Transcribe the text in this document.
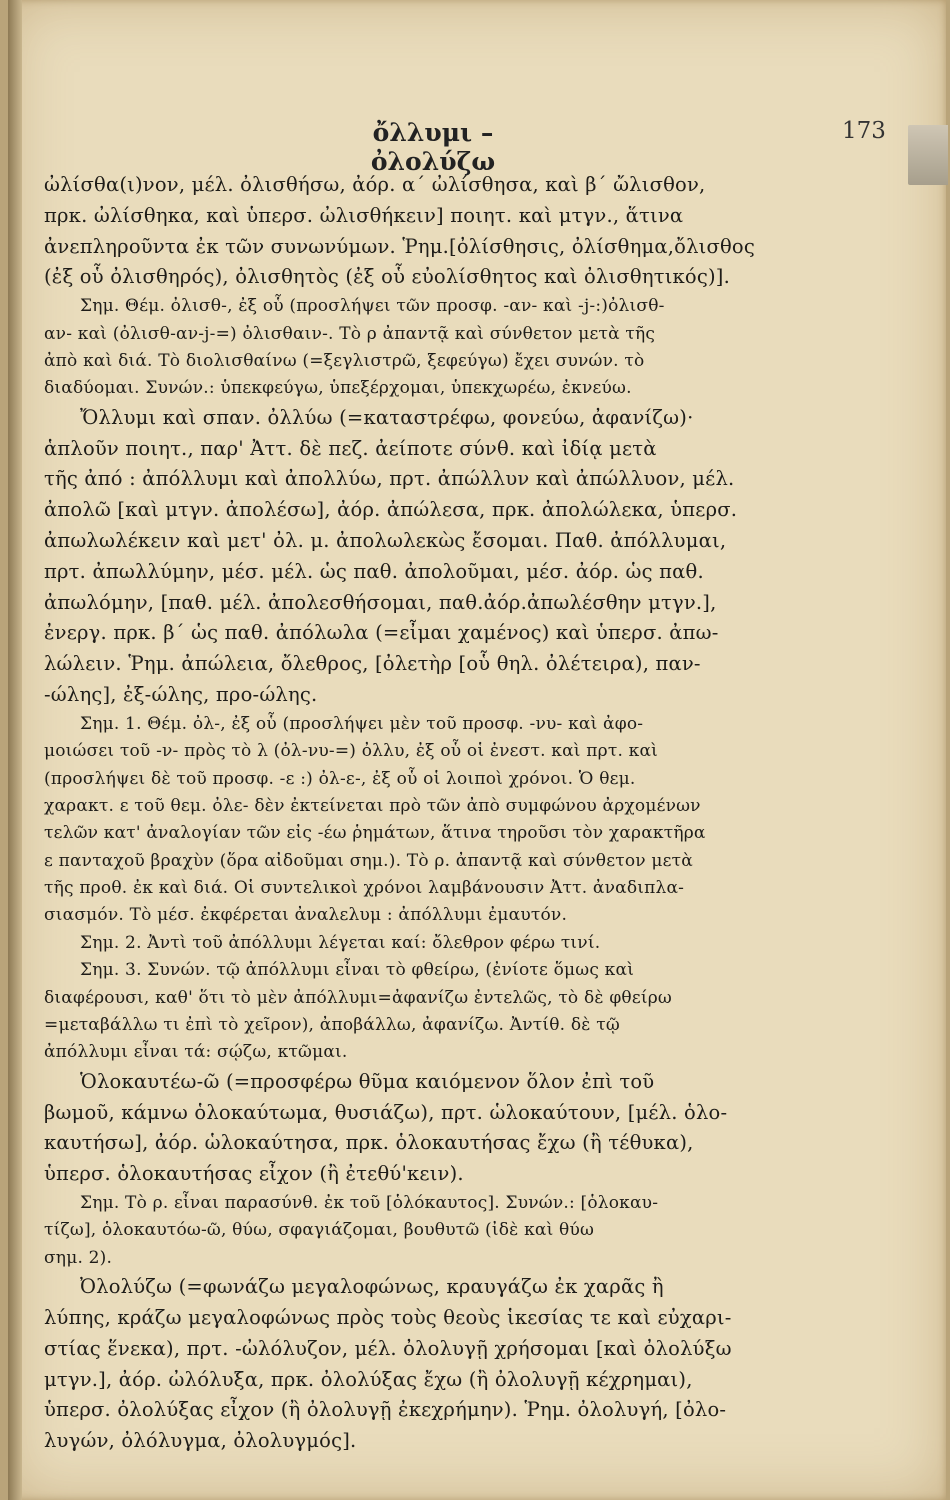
ὄλλυμι – ὀλολύζω
173
ὠλίσθα(ι)νον, μέλ. ὀλισθήσω, ἀόρ. α΄ ὠλίσθησα, καὶ β΄ ὤλισθον,
πρκ. ὠλίσθηκα, καὶ ὑπερσ. ὠλισθήκειν] ποιητ. καὶ μτγν., ἅτινα
ἀνεπληροῦντα ἐκ τῶν συνωνύμων. Ῥημ.[ὀλίσθησις, ὀλίσθημα,ὄλισθος
(ἐξ οὗ ὀλισθηρός), ὀλισθητὸς (ἐξ οὗ εὐολίσθητος καὶ ὀλισθητικός)].
Σημ. Θέμ. ὀλισθ-, ἐξ οὗ (προσλήψει τῶν προσφ. -αν- καὶ -j-:)ὀλισθ-
αν- καὶ (ὀλισθ-αν-j-=) ὀλισθαιν-. Τὸ ρ ἀπαντᾷ καὶ σύνθετον μετὰ τῆς
ἀπὸ καὶ διά. Τὸ διολισθαίνω (=ξεγλιστρῶ, ξεφεύγω) ἔχει συνών. τὸ
διαδύομαι. Συνών.: ὑπεκφεύγω, ὑπεξέρχομαι, ὑπεκχωρέω, ἐκνεύω.
Ὄλλυμι καὶ σπαν. ὀλλύω (=καταστρέφω, φονεύω, ἀφανίζω)·
ἁπλοῦν ποιητ., παρ' Ἀττ. δὲ πεζ. ἀείποτε σύνθ. καὶ ἰδίᾳ μετὰ
τῆς ἀπό : ἀπόλλυμι καὶ ἀπολλύω, πρτ. ἀπώλλυν καὶ ἀπώλλυον, μέλ.
ἀπολῶ [καὶ μτγν. ἀπολέσω], ἀόρ. ἀπώλεσα, πρκ. ἀπολώλεκα, ὑπερσ.
ἀπωλωλέκειν καὶ μετ' ὀλ. μ. ἀπολωλεκὼς ἔσομαι. Παθ. ἀπόλλυμαι,
πρτ. ἀπωλλύμην, μέσ. μέλ. ὡς παθ. ἀπολοῦμαι, μέσ. ἀόρ. ὡς παθ.
ἀπωλόμην, [παθ. μέλ. ἀπολεσθήσομαι, παθ.ἀόρ.ἀπωλέσθην μτγν.],
ἐνεργ. πρκ. β΄ ὡς παθ. ἀπόλωλα (=εἶμαι χαμένος) καὶ ὑπερσ. ἀπω-
λώλειν. Ῥημ. ἀπώλεια, ὄλεθρος, [ὀλετὴρ [οὗ θηλ. ὀλέτειρα), παν-
-ώλης], ἐξ-ώλης, προ-ώλης.
Σημ. 1. Θέμ. ὀλ-, ἐξ οὗ (προσλήψει μὲν τοῦ προσφ. -νυ- καὶ ἀφο-
μοιώσει τοῦ -ν- πρὸς τὸ λ (ὀλ-νυ-=) ὀλλυ, ἐξ οὗ οἱ ἐνεστ. καὶ πρτ. καὶ
(προσλήψει δὲ τοῦ προσφ. -ε :) ὀλ-ε-, ἐξ οὗ οἱ λοιποὶ χρόνοι. Ὁ θεμ.
χαρακτ. ε τοῦ θεμ. ὀλε- δὲν ἐκτείνεται πρὸ τῶν ἀπὸ συμφώνου ἀρχομένων
τελῶν κατ' ἀναλογίαν τῶν εἰς -έω ῥημάτων, ἅτινα τηροῦσι τὸν χαρακτῆρα
ε πανταχοῦ βραχὺν (ὅρα αἰδοῦμαι σημ.). Τὸ ρ. ἀπαντᾷ καὶ σύνθετον μετὰ
τῆς προθ. ἐκ καὶ διά. Οἱ συντελικοὶ χρόνοι λαμβάνουσιν Ἀττ. ἀναδιπλα-
σιασμόν. Τὸ μέσ. ἐκφέρεται ἀναλελυμ : ἀπόλλυμι ἐμαυτόν.
Σημ. 2. Ἀντὶ τοῦ ἀπόλλυμι λέγεται καί: ὄλεθρον φέρω τινί.
Σημ. 3. Συνών. τῷ ἀπόλλυμι εἶναι τὸ φθείρω, (ἐνίοτε ὅμως καὶ
διαφέρουσι, καθ' ὅτι τὸ μὲν ἀπόλλυμι=ἀφανίζω ἐντελῶς, τὸ δὲ φθείρω
=μεταβάλλω τι ἐπὶ τὸ χεῖρον), ἀποβάλλω, ἀφανίζω. Ἀντίθ. δὲ τῷ
ἀπόλλυμι εἶναι τά: σῴζω, κτῶμαι.
Ὁλοκαυτέω-ῶ (=προσφέρω θῦμα καιόμενον ὅλον ἐπὶ τοῦ
βωμοῦ, κάμνω ὁλοκαύτωμα, θυσιάζω), πρτ. ὡλοκαύτουν, [μέλ. ὁλο-
καυτήσω], ἀόρ. ὡλοκαύτησα, πρκ. ὁλοκαυτήσας ἔχω (ἢ τέθυκα),
ὑπερσ. ὁλοκαυτήσας εἶχον (ἢ ἐτεθύ'κειν).
Σημ. Τὸ ρ. εἶναι παρασύνθ. ἐκ τοῦ [ὁλόκαυτος]. Συνών.: [ὁλοκαυ-
τίζω], ὁλοκαυτόω-ῶ, θύω, σφαγιάζομαι, βουθυτῶ (ἰδὲ καὶ θύω
σημ. 2).
Ὀλολύζω (=φωνάζω μεγαλοφώνως, κραυγάζω ἐκ χαρᾶς ἢ
λύπης, κράζω μεγαλοφώνως πρὸς τοὺς θεοὺς ἱκεσίας τε καὶ εὐχαρι-
στίας ἕνεκα), πρτ. -ὠλόλυζον, μέλ. ὀλολυγῇ χρήσομαι [καὶ ὀλολύξω
μτγν.], ἀόρ. ὠλόλυξα, πρκ. ὀλολύξας ἔχω (ἢ ὀλολυγῇ κέχρημαι),
ὑπερσ. ὀλολύξας εἶχον (ἢ ὀλολυγῇ ἐκεχρήμην). Ῥημ. ὀλολυγή, [ὀλο-
λυγών, ὀλόλυγμα, ὀλολυγμός].
